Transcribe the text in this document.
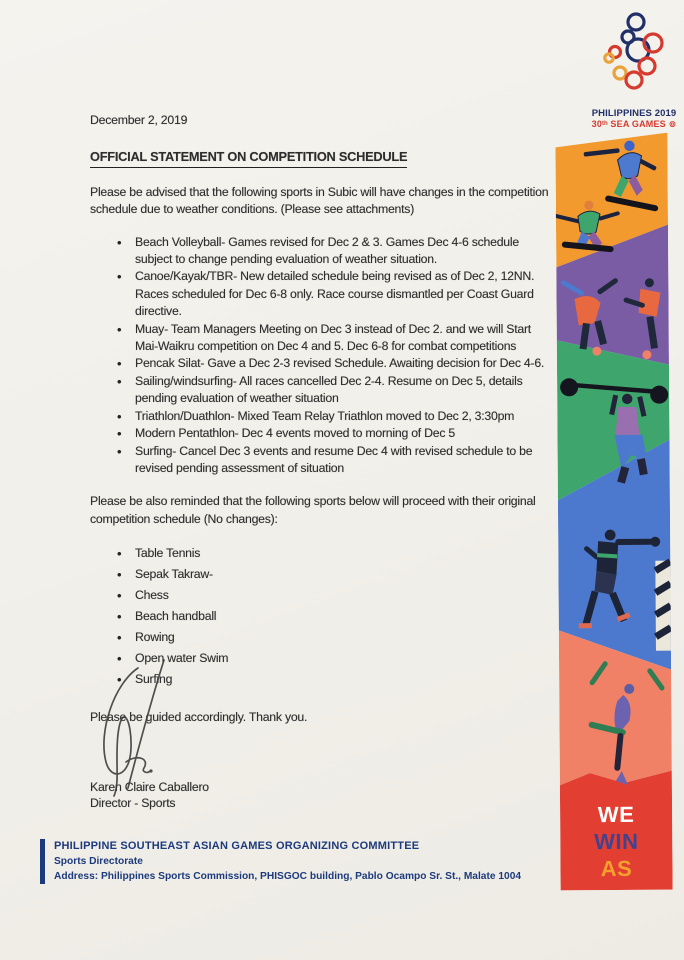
PHILIPPINES 2019
30ᵗʰ SEA GAMES ⊚
December 2, 2019
OFFICIAL STATEMENT ON COMPETITION SCHEDULE

Please be advised that the following sports in Subic will have changes in the competition schedule due to weather conditions. (Please see attachments)

• Beach Volleyball- Games revised for Dec 2 & 3. Games Dec 4-6 schedule subject to change pending evaluation of weather situation.
• Canoe/Kayak/TBR- New detailed schedule being revised as of Dec 2, 12NN. Races scheduled for Dec 6-8 only. Race course dismantled per Coast Guard directive.
• Muay- Team Managers Meeting on Dec 3 instead of Dec 2. and we will Start Mai-Waikru competition on Dec 4 and 5. Dec 6-8 for combat competitions
• Pencak Silat- Gave a Dec 2-3 revised Schedule. Awaiting decision for Dec 4-6.
• Sailing/windsurfing- All races cancelled Dec 2-4. Resume on Dec 5, details pending evaluation of weather situation
• Triathlon/Duathlon- Mixed Team Relay Triathlon moved to Dec 2, 3:30pm
• Modern Pentathlon- Dec 4 events moved to morning of Dec 5
• Surfing- Cancel Dec 3 events and resume Dec 4 with revised schedule to be revised pending assessment of situation

Please be also reminded that the following sports below will proceed with their original competition schedule (No changes):

• Table Tennis
• Sepak Takraw-
• Chess
• Beach handball
• Rowing
• Open water Swim
• Surfing

Please be guided accordingly. Thank you.

Karen Claire Caballero
Director - Sports	WE
WIN
AS
PHILIPPINE SOUTHEAST ASIAN GAMES ORGANIZING COMMITTEE
Sports Directorate
Address: Philippines Sports Commission, PHISGOC building, Pablo Ocampo Sr. St., Malate 1004
